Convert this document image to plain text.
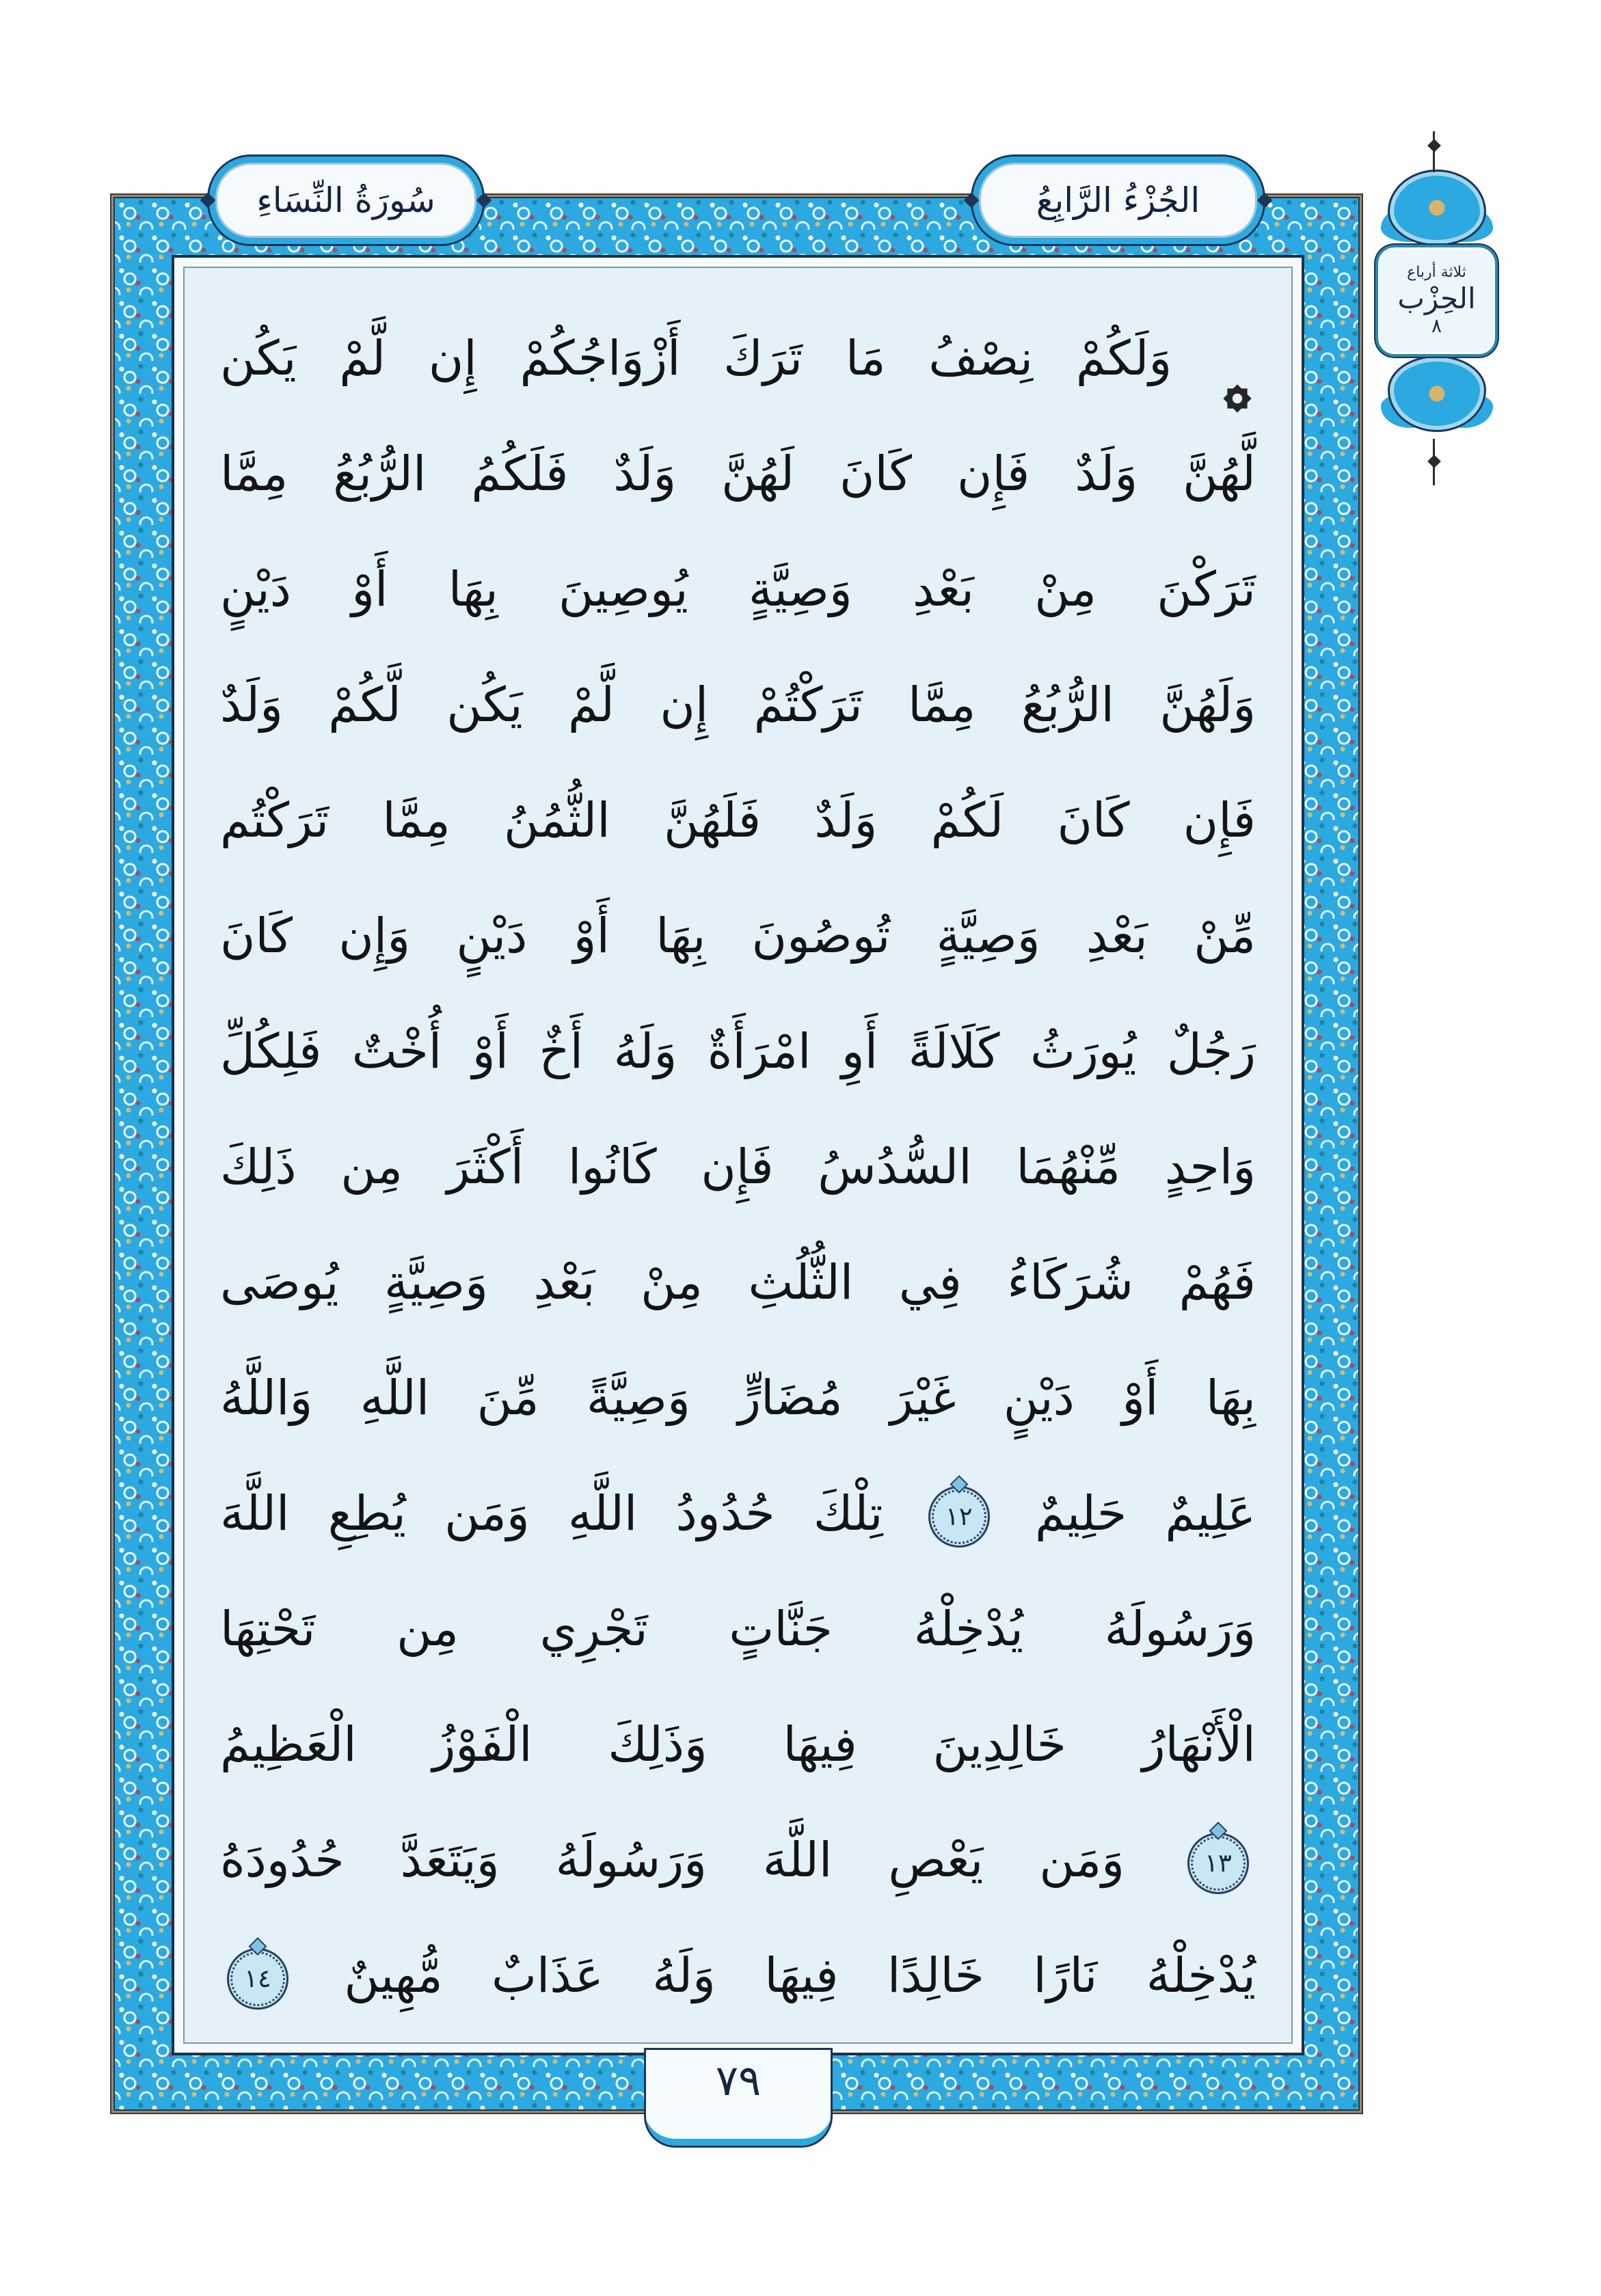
وَلَكُمْ نِصْفُ مَا تَرَكَ أَزْوَاجُكُمْ إِن لَّمْ يَكُن
لَّهُنَّ وَلَدٌ فَإِن كَانَ لَهُنَّ وَلَدٌ فَلَكُمُ الرُّبُعُ مِمَّا
تَرَكْنَ مِنْ بَعْدِ وَصِيَّةٍ يُوصِينَ بِهَا أَوْ دَيْنٍ
وَلَهُنَّ الرُّبُعُ مِمَّا تَرَكْتُمْ إِن لَّمْ يَكُن لَّكُمْ وَلَدٌ
فَإِن كَانَ لَكُمْ وَلَدٌ فَلَهُنَّ الثُّمُنُ مِمَّا تَرَكْتُم
مِّنْ بَعْدِ وَصِيَّةٍ تُوصُونَ بِهَا أَوْ دَيْنٍ وَإِن كَانَ
رَجُلٌ يُورَثُ كَلَالَةً أَوِ امْرَأَةٌ وَلَهُ أَخٌ أَوْ أُخْتٌ فَلِكُلِّ
وَاحِدٍ مِّنْهُمَا السُّدُسُ فَإِن كَانُوا أَكْثَرَ مِن ذَلِكَ
فَهُمْ شُرَكَاءُ فِي الثُّلُثِ مِنْ بَعْدِ وَصِيَّةٍ يُوصَى
بِهَا أَوْ دَيْنٍ غَيْرَ مُضَارٍّ وَصِيَّةً مِّنَ اللَّهِ وَاللَّهُ
عَلِيمٌ حَلِيمٌ
١٢
تِلْكَ حُدُودُ اللَّهِ وَمَن يُطِعِ اللَّهَ
وَرَسُولَهُ يُدْخِلْهُ جَنَّاتٍ تَجْرِي مِن تَحْتِهَا
الْأَنْهَارُ خَالِدِينَ فِيهَا وَذَلِكَ الْفَوْزُ الْعَظِيمُ
١٣
وَمَن يَعْصِ اللَّهَ وَرَسُولَهُ وَيَتَعَدَّ حُدُودَهُ
يُدْخِلْهُ نَارًا خَالِدًا فِيهَا وَلَهُ عَذَابٌ مُّهِينٌ
١٤
سُورَةُ النِّسَاءِ	الجُزْءُ الرَّابِعُ
ثلاثة أرباع
الحِزْب
٨
٧٩
